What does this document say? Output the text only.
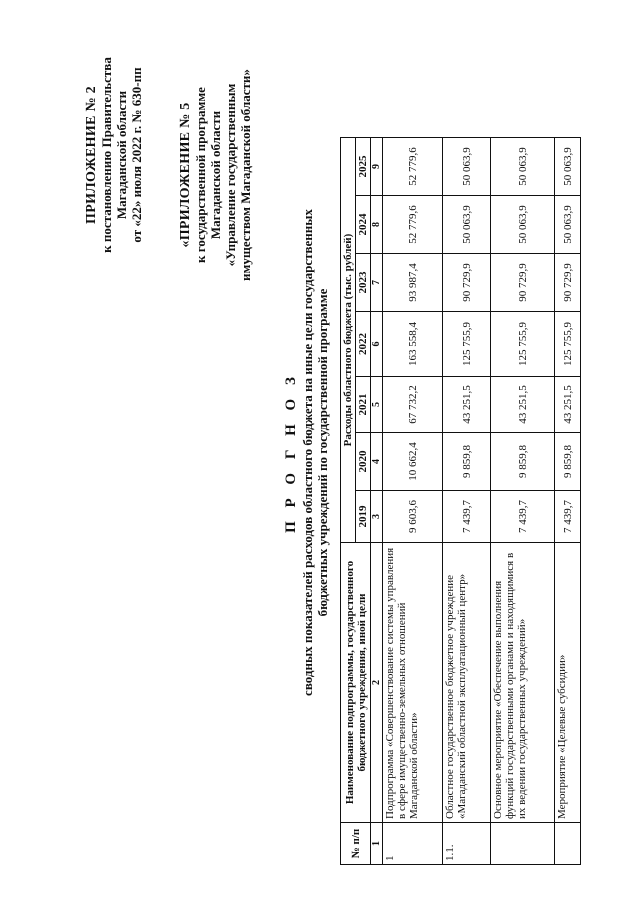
ПРИЛОЖЕНИЕ № 2 к постановлению Правительства Магаданской области от «22» июля 2022 г. № 630-пп «ПРИЛОЖЕНИЕ № 5 к государственной программе Магаданской области «Управление государственным имуществом Магаданской области»
П Р О Г Н О З сводных показателей расходов областного бюджета на иные цели государственных бюджетных учреждений по государственной программе
№ п/п	Наименование подпрограммы, государственного бюджетного учреждения, иной цели	Расходы областного бюджета (тыс. рублей)						
		2019	2020	2021	2022	2023	2024	2025
1	2	3	4	5	6	7	8	9
1	Подпрограмма «Совершенствование системы управления в сфере имущественно-земельных отношений Магаданской области»	9 603,6	10 662,4	67 732,2	163 558,4	93 987,4	52 779,6	52 779,6
1.1.	Областное государственное бюджетное учреждение «Магаданский областной эксплуатационный центр»	7 439,7	9 859,8	43 251,5	125 755,9	90 729,9	50 063,9	50 063,9
	Основное мероприятие «Обеспечение выполнения функций государственными органами и находящимися в их ведении государственных учреждений»	7 439,7	9 859,8	43 251,5	125 755,9	90 729,9	50 063,9	50 063,9
	Мероприятие «Целевые субсидии»	7 439,7	9 859,8	43 251,5	125 755,9	90 729,9	50 063,9	50 063,9
